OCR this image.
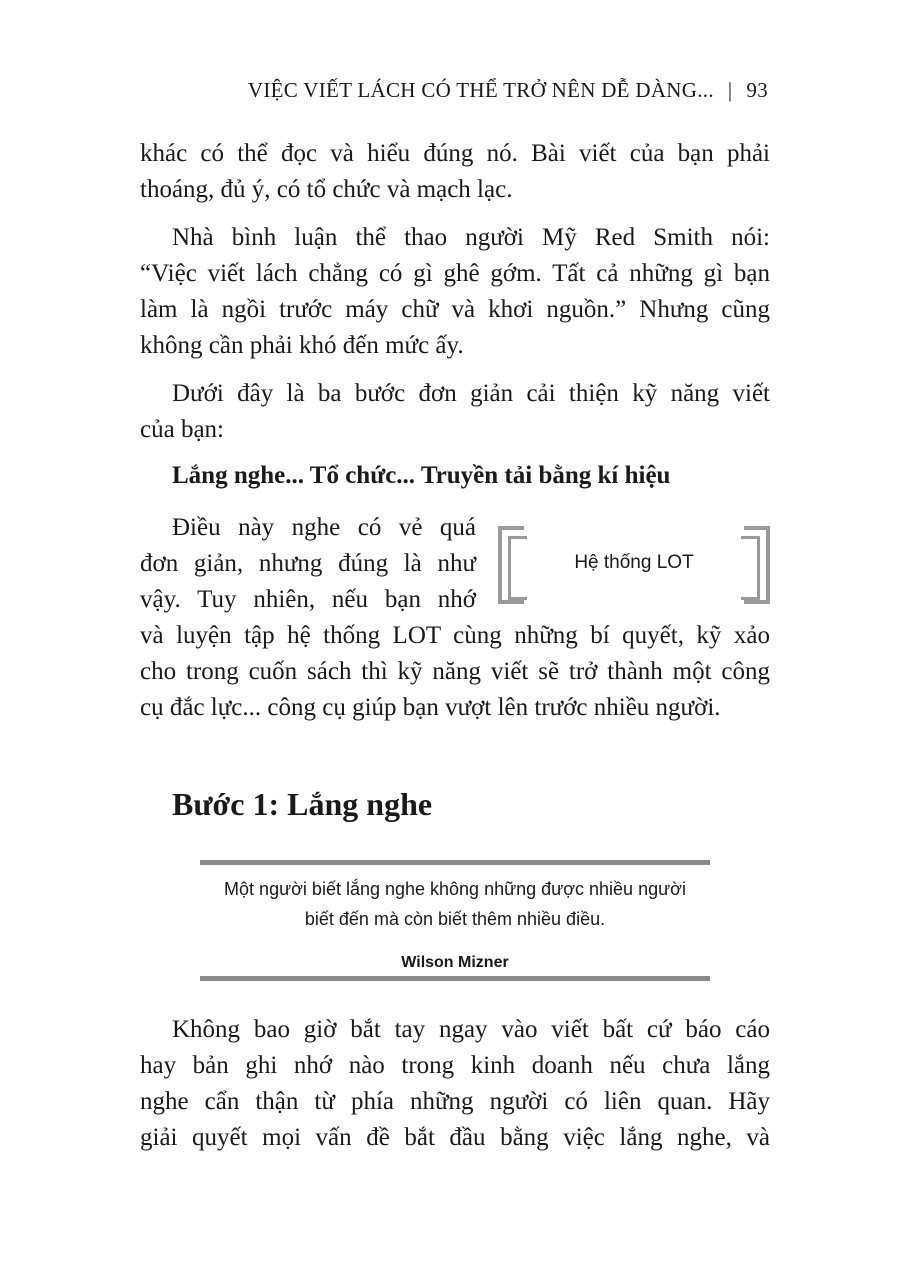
VIỆC VIẾT LÁCH CÓ THỂ TRỞ NÊN DỄ DÀNG... | 93
khác có thể đọc và hiểu đúng nó. Bài viết của bạn phải
thoáng, đủ ý, có tổ chức và mạch lạc.
Nhà bình luận thể thao người Mỹ Red Smith nói:
“Việc viết lách chẳng có gì ghê gớm. Tất cả những gì bạn
làm là ngồi trước máy chữ và khơi nguồn.” Nhưng cũng
không cần phải khó đến mức ấy.
Dưới đây là ba bước đơn giản cải thiện kỹ năng viết
của bạn:
Lắng nghe... Tổ chức... Truyền tải bằng kí hiệu
Điều này nghe có vẻ quá
đơn giản, nhưng đúng là như
vậy. Tuy nhiên, nếu bạn nhớ
Hệ thống LOT
và luyện tập hệ thống LOT cùng những bí quyết, kỹ xảo
cho trong cuốn sách thì kỹ năng viết sẽ trở thành một công
cụ đắc lực... công cụ giúp bạn vượt lên trước nhiều người.
Bước 1: Lắng nghe
Một người biết lắng nghe không những được nhiều người
biết đến mà còn biết thêm nhiều điều.
Wilson Mizner
Không bao giờ bắt tay ngay vào viết bất cứ báo cáo
hay bản ghi nhớ nào trong kinh doanh nếu chưa lắng
nghe cẩn thận từ phía những người có liên quan. Hãy
giải quyết mọi vấn đề bắt đầu bằng việc lắng nghe, và
